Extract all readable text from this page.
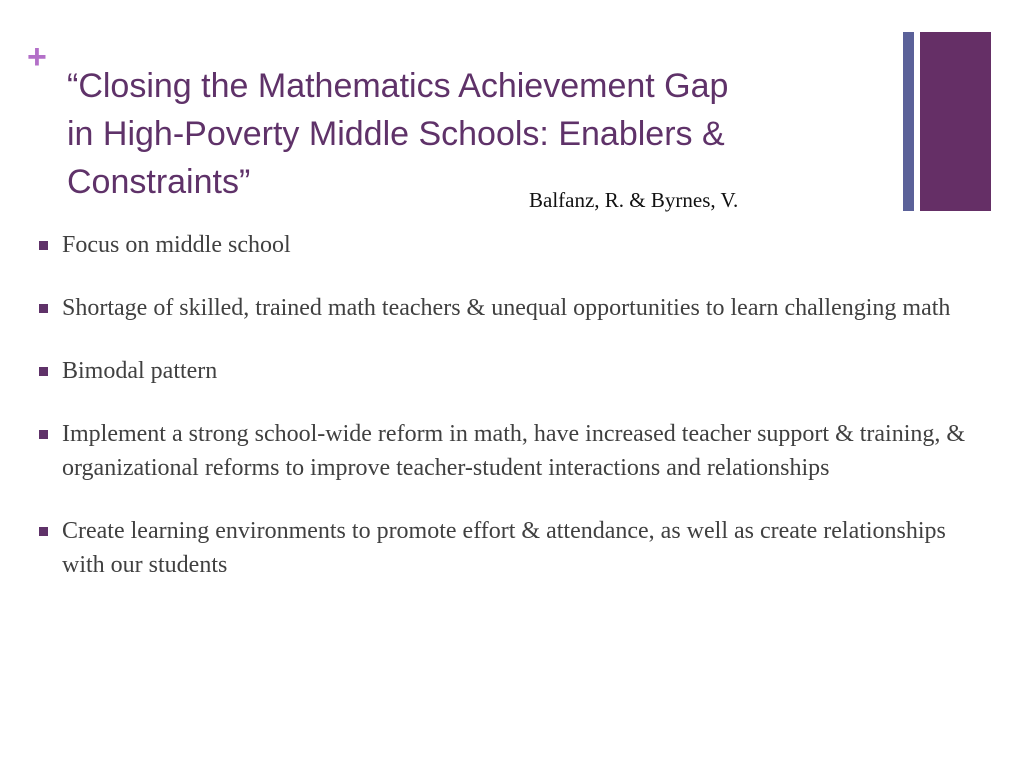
+
“Closing the Mathematics Achievement Gap
in High-Poverty Middle Schools: Enablers &
Constraints”	Balfanz, R. & Byrnes, V.
Focus on middle school
Shortage of skilled, trained math teachers & unequal opportunities to learn challenging math
Bimodal pattern
Implement a strong school-wide reform in math, have increased teacher support & training, & organizational reforms to improve teacher-student interactions and relationships
Create learning environments to promote effort & attendance, as well as create relationships with our students
